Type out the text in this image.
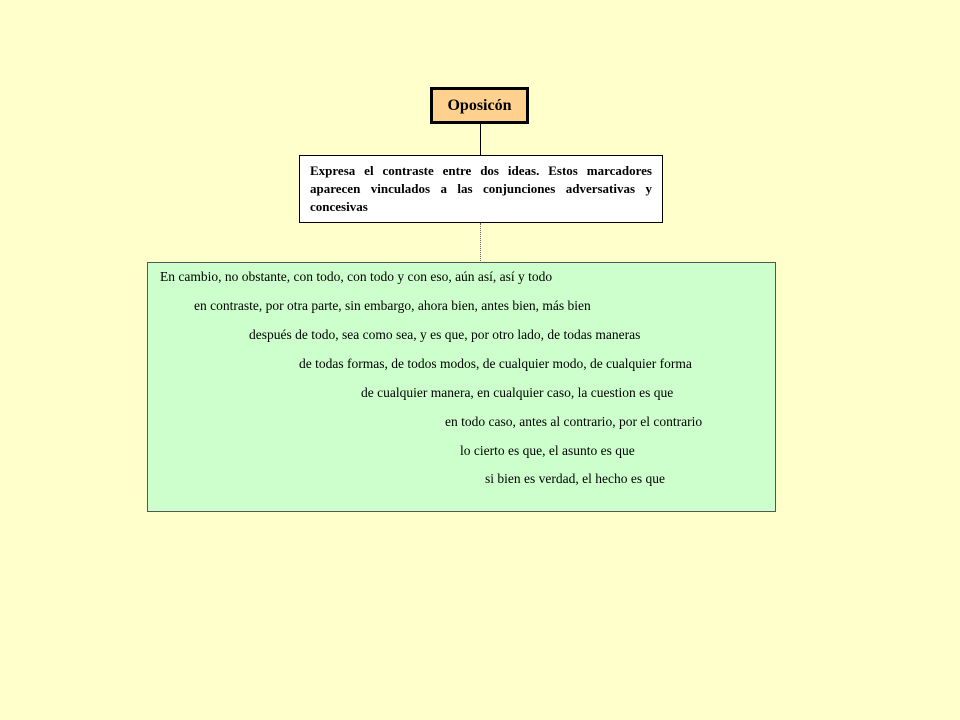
Oposicón
Expresa el contraste entre dos ideas. Estos marcadores aparecen vinculados a las conjunciones adversativas y concesivas
En cambio, no obstante, con todo, con todo y con eso, aún así, así y todo
en contraste, por otra parte, sin embargo, ahora bien, antes bien, más bien
después de todo, sea como sea, y es que, por otro lado, de todas maneras
de todas formas, de todos modos, de cualquier modo, de cualquier forma
de cualquier manera, en cualquier caso, la cuestion es que
en todo caso, antes al contrario, por el contrario
lo cierto es que, el asunto es que
si bien es verdad, el hecho es que
